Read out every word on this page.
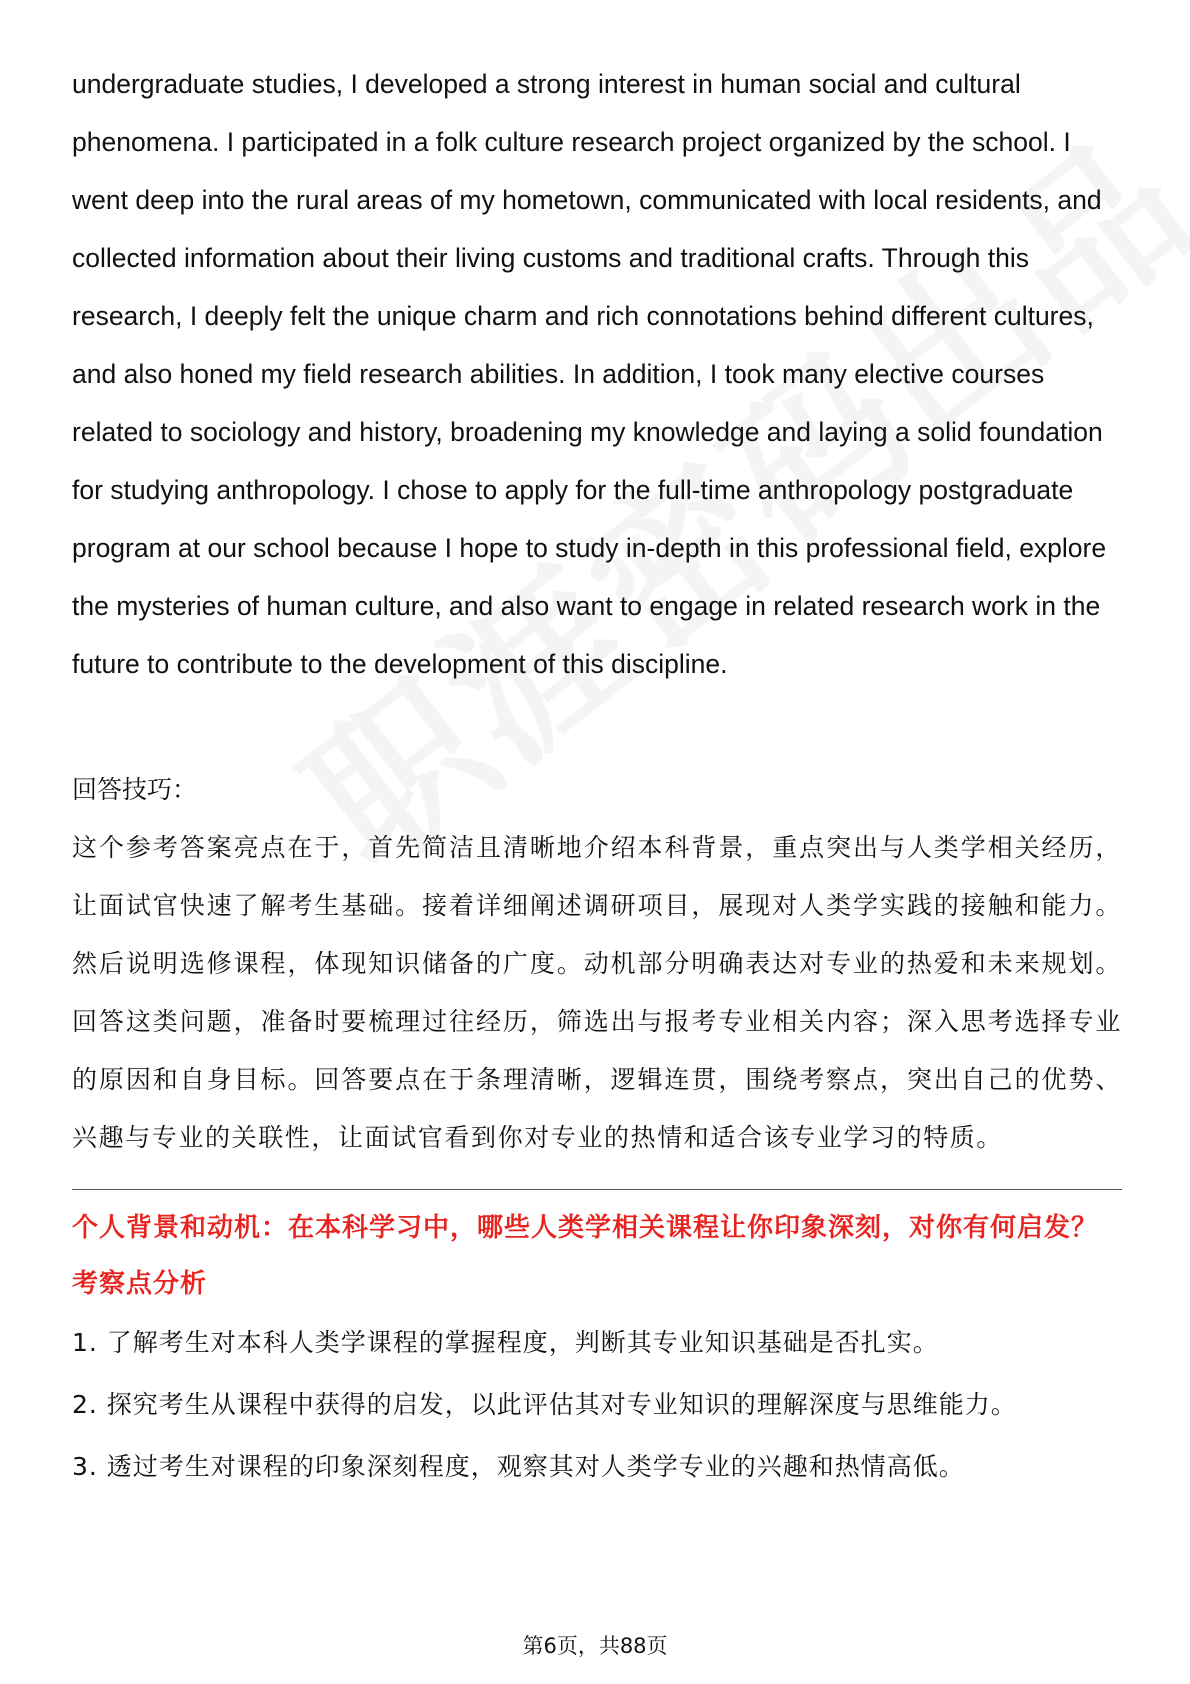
undergraduate studies, I developed a strong interest in human social and cultural phenomena. I participated in a folk culture research project organized by the school. I went deep into the rural areas of my hometown, communicated with local residents, and collected information about their living customs and traditional crafts. Through this research, I deeply felt the unique charm and rich connotations behind different cultures, and also honed my field research abilities. In addition, I took many elective courses related to sociology and history, broadening my knowledge and laying a solid foundation for studying anthropology. I chose to apply for the full-time anthropology postgraduate program at our school because I hope to study in-depth in this professional field, explore the mysteries of human culture, and also want to engage in related research work in the future to contribute to the development of this discipline.

回答技巧：

这个参考答案亮点在于，首先简洁且清晰地介绍本科背景，重点突出与人类学相关经历，让面试官快速了解考生基础。接着详细阐述调研项目，展现对人类学实践的接触和能力。然后说明选修课程，体现知识储备的广度。动机部分明确表达对专业的热爱和未来规划。回答这类问题，准备时要梳理过往经历，筛选出与报考专业相关内容；深入思考选择专业的原因和自身目标。回答要点在于条理清晰，逻辑连贯，围绕考察点，突出自己的优势、兴趣与专业的关联性，让面试官看到你对专业的热情和适合该专业学习的特质。

个人背景和动机：在本科学习中，哪些人类学相关课程让你印象深刻，对你有何启发？

考察点分析

1. 了解考生对本科人类学课程的掌握程度，判断其专业知识基础是否扎实。
2. 探究考生从课程中获得的启发，以此评估其对专业知识的理解深度与思维能力。
3. 透过考生对课程的印象深刻程度，观察其对人类学专业的兴趣和热情高低。
第6页，共88页
